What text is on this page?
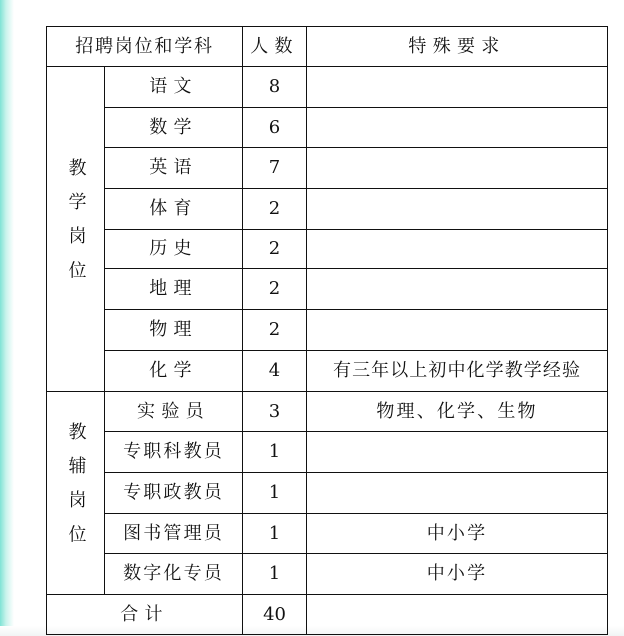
招聘岗位和学科		人数	特殊要求
教学岗位	语文	8	
	数学	6	
	英语	7	
	体育	2	
	历史	2	
	地理	2	
	物理	2	
	化学	4	有三年以上初中化学教学经验
教辅岗位	实验员	3	物理、化学、生物
	专职科教员	1	
	专职政教员	1	
	图书管理员	1	中小学
	数字化专员	1	中小学
合计		40	
